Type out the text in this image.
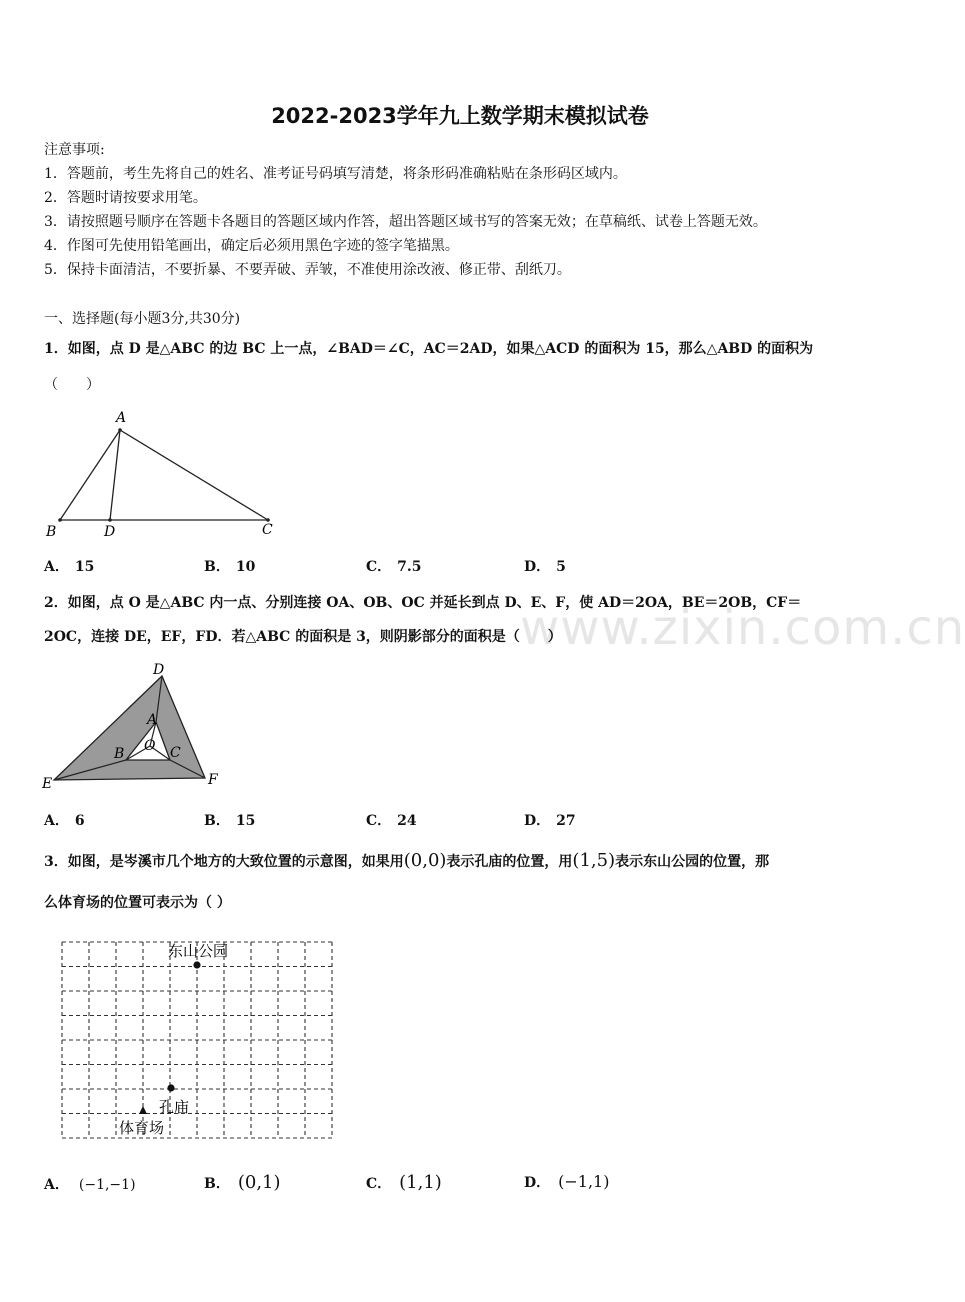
2022-2023学年九上数学期末模拟试卷
注意事项:
1．答题前，考生先将自己的姓名、准考证号码填写清楚，将条形码准确粘贴在条形码区域内。
2．答题时请按要求用笔。
3．请按照题号顺序在答题卡各题目的答题区域内作答，超出答题区域书写的答案无效；在草稿纸、试卷上答题无效。
4．作图可先使用铅笔画出，确定后必须用黑色字迹的签字笔描黑。
5．保持卡面清洁，不要折暴、不要弄破、弄皱，不准使用涂改液、修正带、刮纸刀。
一、选择题(每小题3分,共30分)
www.zixin.com.cn
1．如图，点 D 是△ABC 的边 BC 上一点，∠BAD＝∠C，AC＝2AD，如果△ACD 的面积为 15，那么△ABD 的面积为
（　　）
A
B	D	C
A． 15	B． 10	C． 7.5	D． 5
2．如图，点 O 是△ABC 内一点、分别连接 OA、OB、OC 并延长到点 D、E、F，使 AD＝2OA，BE＝2OB，CF＝
2OC，连接 DE，EF，FD．若△ABC 的面积是 3，则阴影部分的面积是（　　）
D
A
B O C
E	F
A． 6	B． 15	C． 24	D． 27
3．如图，是岑溪市几个地方的大致位置的示意图，如果用(0,0)表示孔庙的位置，用(1,5)表示东山公园的位置，那
么体育场的位置可表示为（ ）
东山公园
孔庙
体育场
A． (−1,−1)	B． (0,1)	C． (1,1)	D． (−1,1)
